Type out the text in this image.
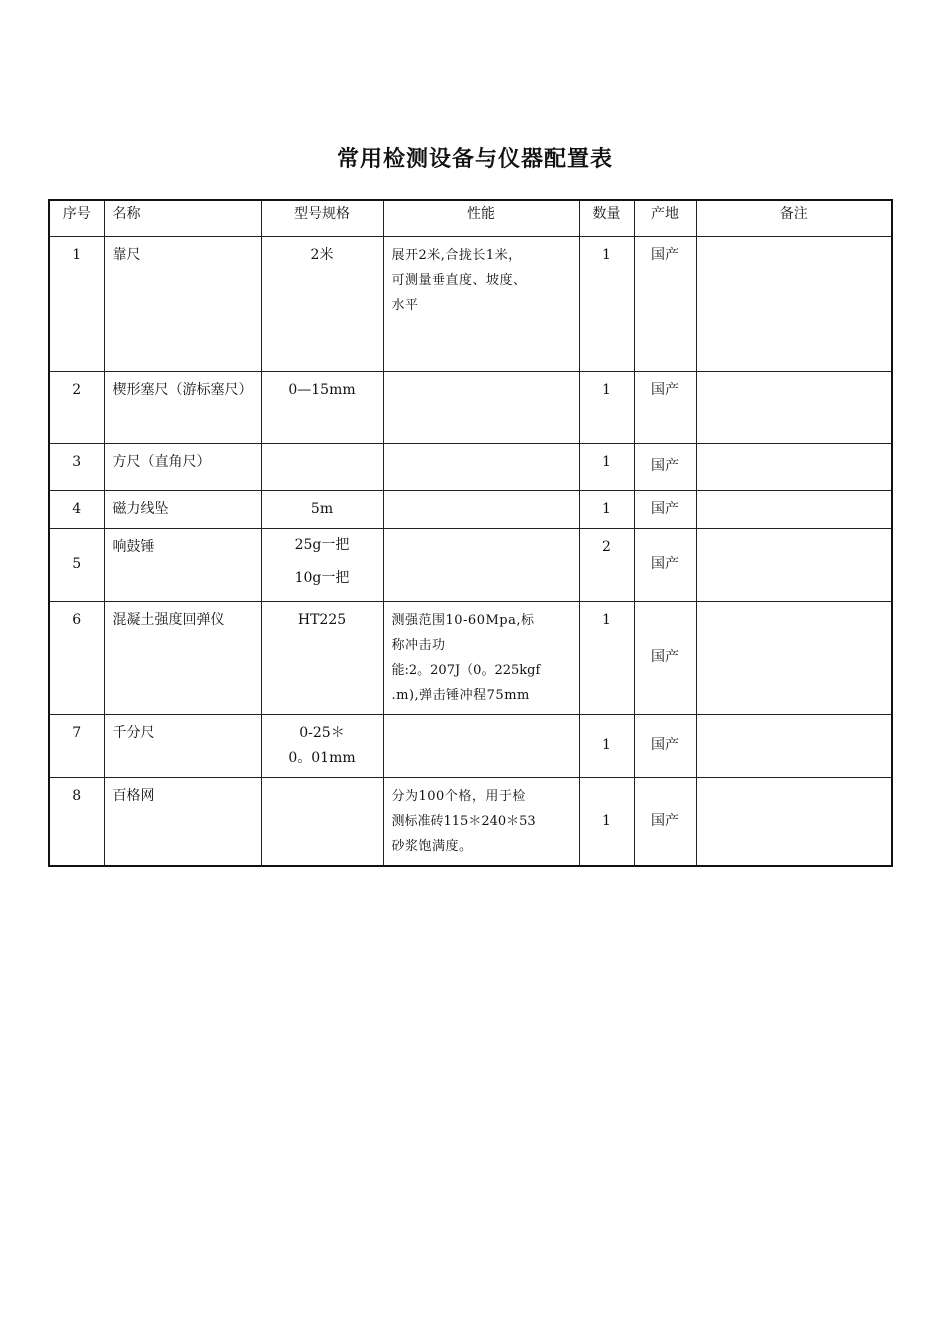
常用检测设备与仪器配置表
序号	名称	型号规格	性能	数量	产地	备注
1	靠尺	2米	展开2米,合拢长1米，
可测量垂直度、坡度、
水平	1	国产	
2	楔形塞尺（游标塞尺）	0—15mm		1	国产	
3	方尺（直角尺）			1	国产	
4	磁力线坠	5m		1	国产	
5	响鼓锤	25g一把
10g一把		2	国产	
6	混凝土强度回弹仪	HT225	测强范围10-60Mpa,标
称冲击功
能:2。207J（0。225kgf
.m),弹击锤冲程75mm	1	国产	
7	千分尺	0-25＊
0。01mm		1	国产	
8	百格网		分为100个格，用于检
测标准砖115＊240＊53
砂浆饱满度。	1	国产	
